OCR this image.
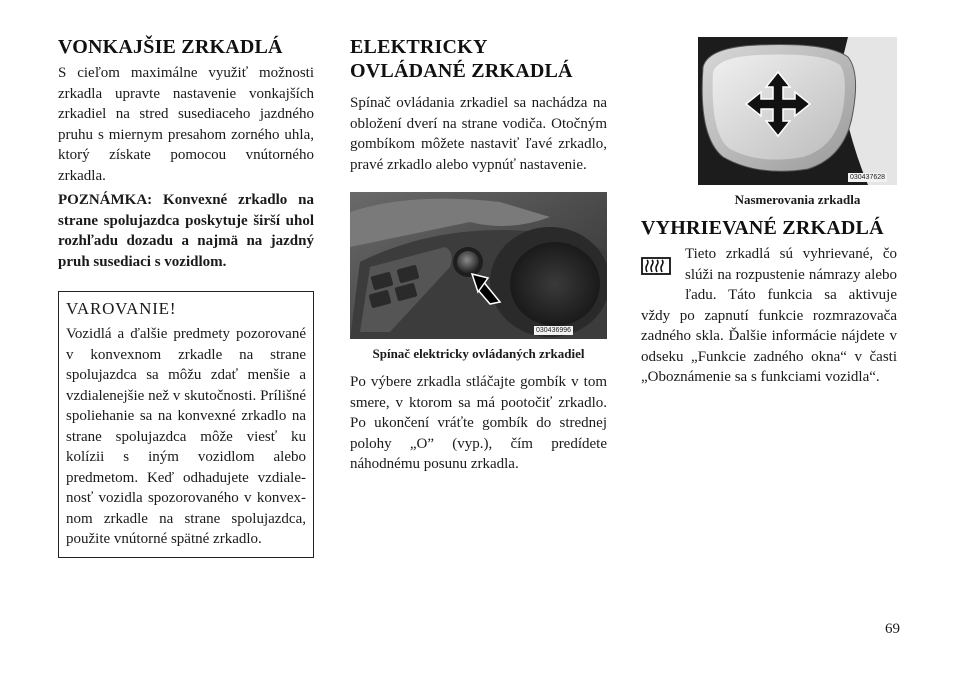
VONKAJŠIE ZRKADLÁ

S cieľom maximálne využiť možnosti zrkadla upravte nastavenie vonkajších zrkadiel na stred susediaceho jazdného pruhu s miernym presahom zorného uhla, ktorý získate pomocou vnútorného zrkadla.

POZNÁMKA: Konvexné zrkadlo na strane spolujazdca poskytuje širší uhol rozhľadu dozadu a najmä na jazdný pruh susediaci s vozidlom.

VAROVANIE!

Vozidlá a ďalšie predmety pozorované v konvexnom zrkadle na strane spolujazdca sa môžu zdať menšie a vzdialenejšie než v skutočnosti. Prílišné spoliehanie sa na konvexné zrkadlo na strane spolujazdca môže viesť ku kolízii s iným vozidlom alebo predmetom. Keď odhadujete vzdialenosť vozidla spozorovaného v konvexnom zrkadle na strane spolujazdca, použite vnútorné spätné zrkadlo.

ELEKTRICKY OVLÁDANÉ ZRKADLÁ

Spínač ovládania zrkadiel sa nachádza na obložení dverí na strane vodiča. Otočným gombíkom môžete nastaviť ľavé zrkadlo, pravé zrkadlo alebo vypnúť nastavenie.

030436996

Spínač elektricky ovládaných zrkadiel

Po výbere zrkadla stláčajte gombík v tom smere, v ktorom sa má pootočiť zrkadlo. Po ukončení vráťte gombík do strednej polohy „O” (vyp.), čím predídete náhodnému posunu zrkadla.

030437628

Nasmerovania zrkadla

VYHRIEVANÉ ZRKADLÁ

Tieto zrkadlá sú vyhrievané, čo slúži na rozpustenie námrazy alebo ľadu. Táto funkcia sa aktivuje vždy po zapnutí funkcie rozmrazovača zadného skla. Ďalšie informácie nájdete v odseku „Funkcie zadného okna“ v časti „Oboznámenie sa s funkciami vozidla“.

69
